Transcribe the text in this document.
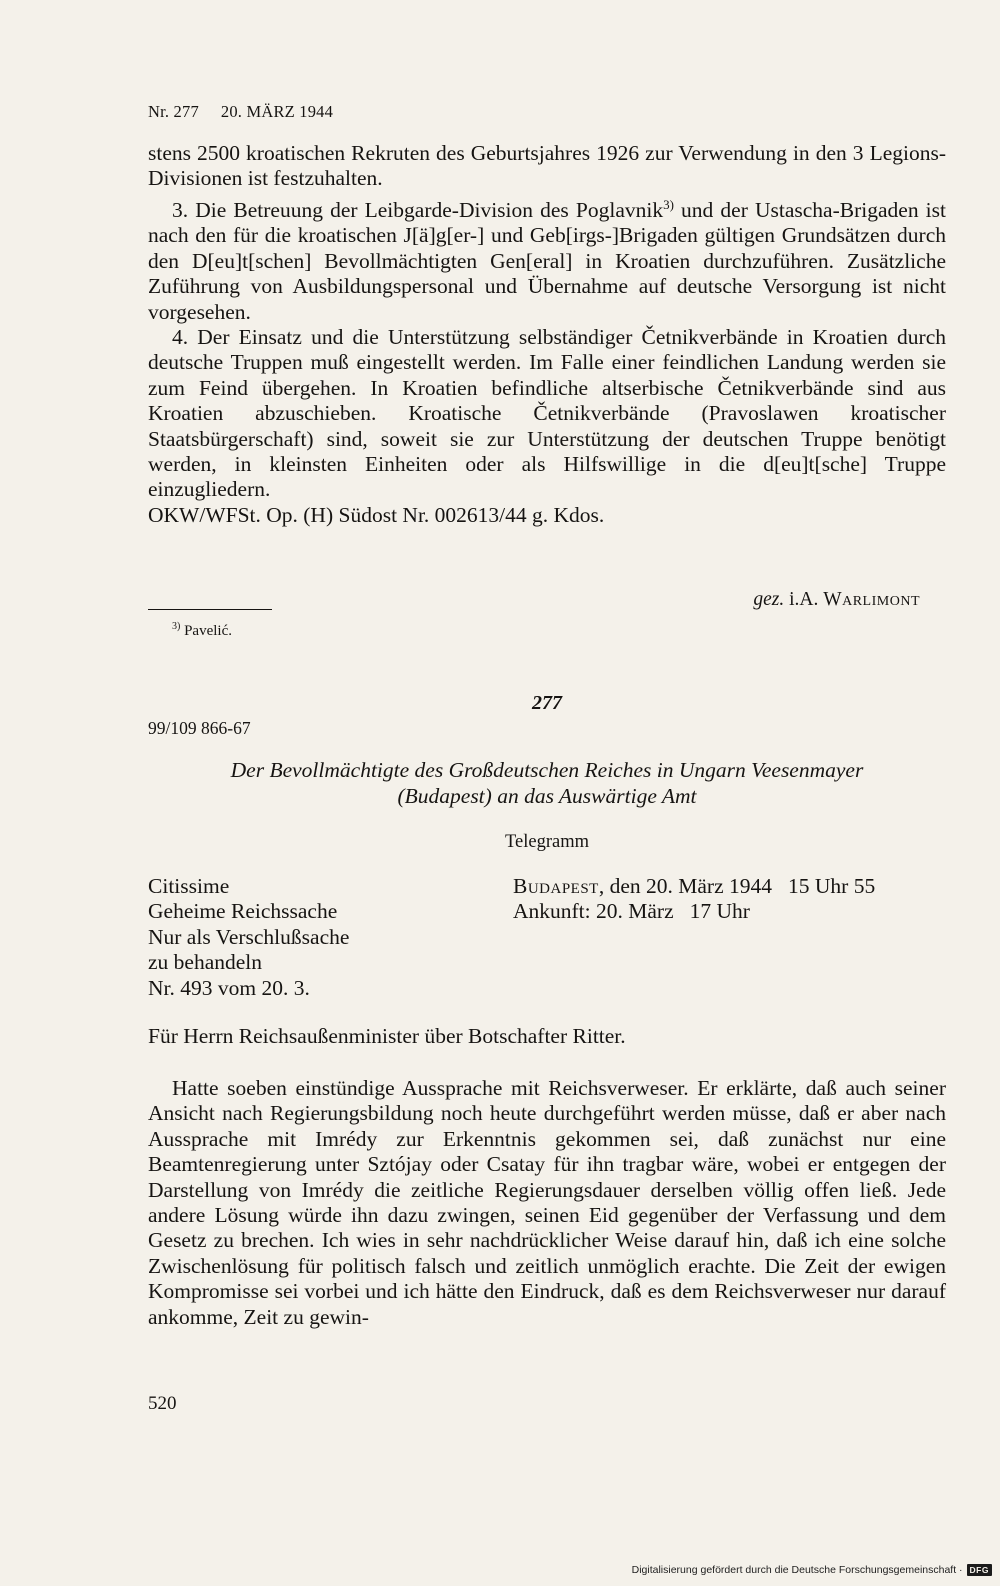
Nr. 277 20. MÄRZ 1944

stens 2500 kroatischen Rekruten des Geburtsjahres 1926 zur Verwendung in den 3 Legions-Divisionen ist festzuhalten.

3. Die Betreuung der Leibgarde-Division des Poglavnik$^{3)}$ und der Ustascha-Brigaden ist nach den für die kroatischen J[ä]g[er-] und Geb[irgs-]Brigaden gültigen Grundsätzen durch den D[eu]t[schen] Bevollmächtigten Gen[eral] in Kroatien durchzuführen. Zusätzliche Zuführung von Ausbildungspersonal und Übernahme auf deutsche Versorgung ist nicht vorgesehen.

4. Der Einsatz und die Unterstützung selbständiger Četnikverbände in Kroatien durch deutsche Truppen muß eingestellt werden. Im Falle einer feindlichen Landung werden sie zum Feind übergehen. In Kroatien befindliche altserbische Četnikverbände sind aus Kroatien abzuschieben. Kroatische Četnikverbände (Pravoslawen kroatischer Staatsbürgerschaft) sind, soweit sie zur Unterstützung der deutschen Truppe benötigt werden, in kleinsten Einheiten oder als Hilfswillige in die d[eu]t[sche] Truppe einzugliedern.

OKW/WFSt. Op. (H) Südost Nr. 002613/44 g. Kdos.

gez. i.A. Warlimont
$^{3)}$ Pavelić.
277
99/109 866-67
Der Bevollmächtigte des Großdeutschen Reiches in Ungarn Veesenmayer
(Budapest) an das Auswärtige Amt
Telegramm
Citissime
Geheime Reichssache
Nur als Verschlußsache
zu behandeln
Nr. 493 vom 20. 3.
Budapest, den 20. März 1944 15 Uhr 55
Ankunft: 20. März 17 Uhr
Für Herrn Reichsaußenminister über Botschafter Ritter.

Hatte soeben einstündige Aussprache mit Reichsverweser. Er erklärte, daß auch seiner Ansicht nach Regierungsbildung noch heute durchgeführt werden müsse, daß er aber nach Aussprache mit Imrédy zur Erkenntnis gekommen sei, daß zunächst nur eine Beamtenregierung unter Sztójay oder Csatay für ihn tragbar wäre, wobei er entgegen der Darstellung von Imrédy die zeitliche Regierungsdauer derselben völlig offen ließ. Jede andere Lösung würde ihn dazu zwingen, seinen Eid gegenüber der Verfassung und dem Gesetz zu brechen. Ich wies in sehr nachdrücklicher Weise darauf hin, daß ich eine solche Zwischenlösung für politisch falsch und zeitlich unmöglich erachte. Die Zeit der ewigen Kompromisse sei vorbei und ich hätte den Eindruck, daß es dem Reichsverweser nur darauf ankomme, Zeit zu gewin-

520
Digitalisierung gefördert durch die Deutsche Forschungsgemeinschaft · DFG
